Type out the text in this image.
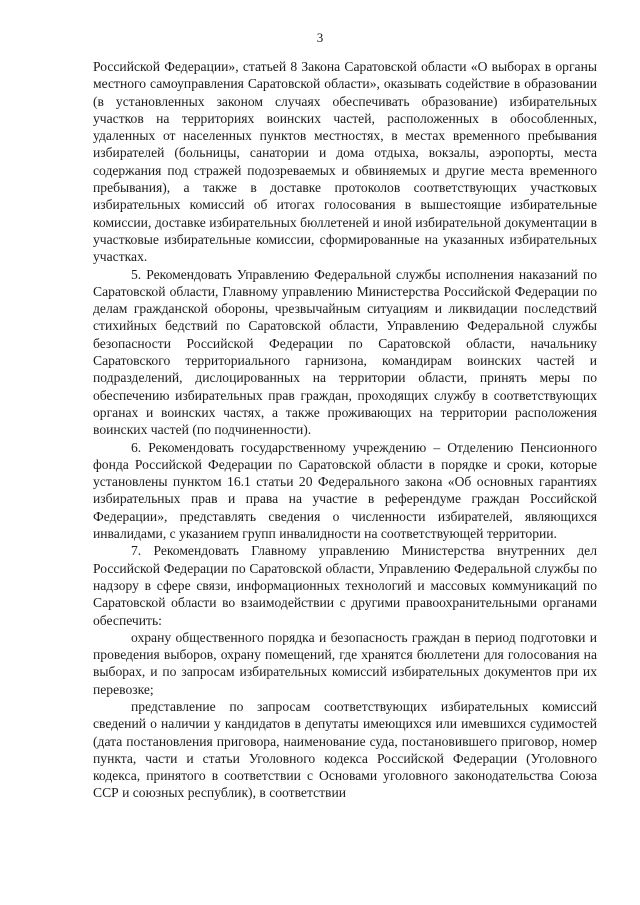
3

Российской Федерации», статьей 8 Закона Саратовской области «О выборах в органы местного самоуправления Саратовской области», оказывать содействие в образовании (в установленных законом случаях обеспечивать образование) избирательных участков на территориях воинских частей, расположенных в обособленных, удаленных от населенных пунктов местностях, в местах временного пребывания избирателей (больницы, санатории и дома отдыха, вокзалы, аэропорты, места содержания под стражей подозреваемых и обвиняемых и другие места временного пребывания), а также в доставке протоколов соответствующих участковых избирательных комиссий об итогах голосования в вышестоящие избирательные комиссии, доставке избирательных бюллетеней и иной избирательной документации в участковые избирательные комиссии, сформированные на указанных избирательных участках.

5. Рекомендовать Управлению Федеральной службы исполнения наказаний по Саратовской области, Главному управлению Министерства Российской Федерации по делам гражданской обороны, чрезвычайным ситуациям и ликвидации последствий стихийных бедствий по Саратовской области, Управлению Федеральной службы безопасности Российской Федерации по Саратовской области, начальнику Саратовского территориального гарнизона, командирам воинских частей и подразделений, дислоцированных на территории области, принять меры по обеспечению избирательных прав граждан, проходящих службу в соответствующих органах и воинских частях, а также проживающих на территории расположения воинских частей (по подчиненности).

6. Рекомендовать государственному учреждению – Отделению Пенсионного фонда Российской Федерации по Саратовской области в порядке и сроки, которые установлены пунктом 16.1 статьи 20 Федерального закона «Об основных гарантиях избирательных прав и права на участие в референдуме граждан Российской Федерации», представлять сведения о численности избирателей, являющихся инвалидами, с указанием групп инвалидности на соответствующей территории.

7. Рекомендовать Главному управлению Министерства внутренних дел Российской Федерации по Саратовской области, Управлению Федеральной службы по надзору в сфере связи, информационных технологий и массовых коммуникаций по Саратовской области во взаимодействии с другими правоохранительными органами обеспечить:

охрану общественного порядка и безопасность граждан в период подготовки и проведения выборов, охрану помещений, где хранятся бюллетени для голосования на выборах, и по запросам избирательных комиссий избирательных документов при их перевозке;

представление по запросам соответствующих избирательных комиссий сведений о наличии у кандидатов в депутаты имеющихся или имевшихся судимостей (дата постановления приговора, наименование суда, постановившего приговор, номер пункта, части и статьи Уголовного кодекса Российской Федерации (Уголовного кодекса, принятого в соответствии с Основами уголовного законодательства Союза ССР и союзных республик), в соответствии
